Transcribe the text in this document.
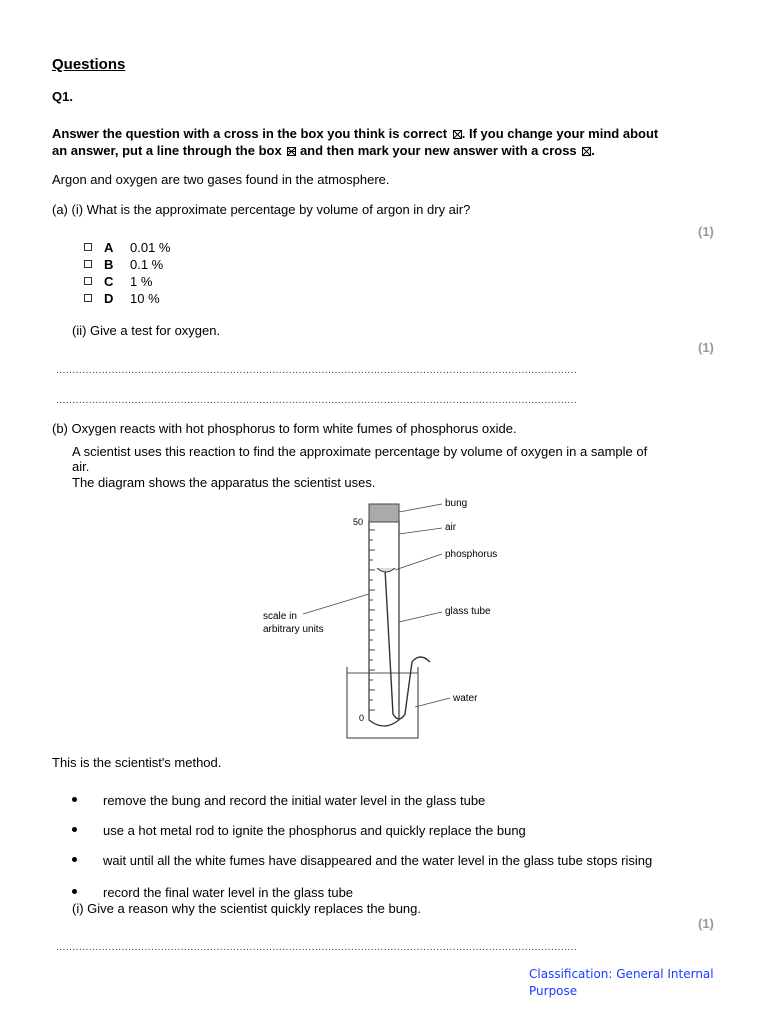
Questions
Q1.
Answer the question with a cross in the box you think is correct ☒. If you change your mind about
an answer, put a line through the box and then mark your new answer with a cross ☒.
Argon and oxygen are two gases found in the atmosphere.
(a) (i) What is the approximate percentage by volume of argon in dry air?
(1)
A 0.01 %
B 0.1 %
C 1 %
D 10 %
(ii) Give a test for oxygen.
(1)
...............................................................................................................................................................
...............................................................................................................................................................
(b) Oxygen reacts with hot phosphorus to form white fumes of phosphorus oxide.
A scientist uses this reaction to find the approximate percentage by volume of oxygen in a sample of
air.
The diagram shows the apparatus the scientist uses.
50
0
bung
air
phosphorus
glass tube
scale in
arbitrary units
water
This is the scientist's method.
remove the bung and record the initial water level in the glass tube
use a hot metal rod to ignite the phosphorus and quickly replace the bung
wait until all the white fumes have disappeared and the water level in the glass tube stops rising
record the final water level in the glass tube
(i) Give a reason why the scientist quickly replaces the bung.
(1)
...............................................................................................................................................................
Classification: General Internal Purpose
